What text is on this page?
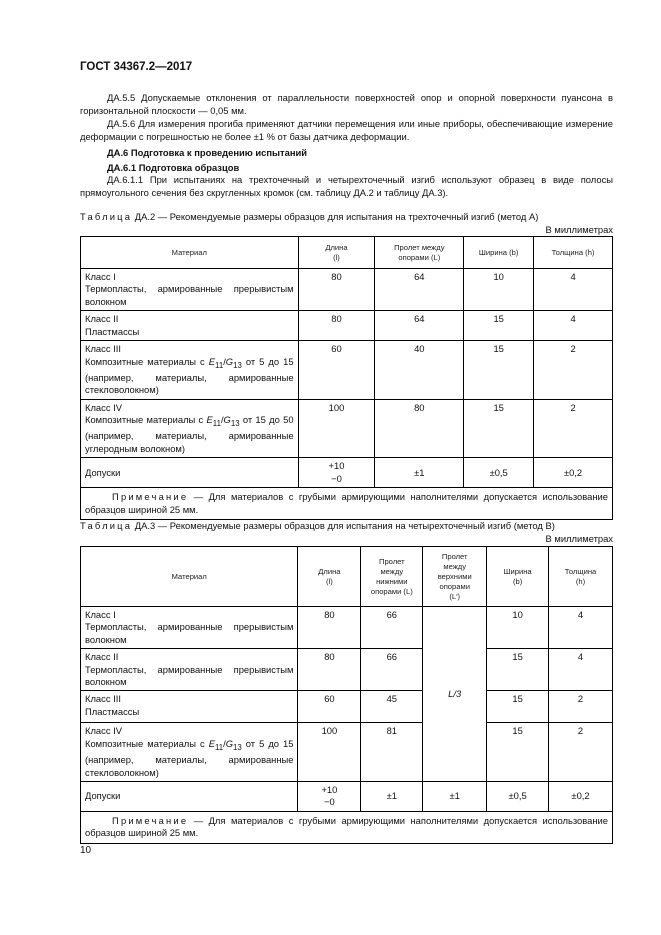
ГОСТ 34367.2—2017
ДА.5.5 Допускаемые отклонения от параллельности поверхностей опор и опорной поверхности пуансона в горизонтальной плоскости — 0,05 мм.
ДА.5.6 Для измерения прогиба применяют датчики перемещения или иные приборы, обеспечивающие измерение деформации с погрешностью не более ±1 % от базы датчика деформации.
ДА.6 Подготовка к проведению испытаний
ДА.6.1 Подготовка образцов
ДА.6.1.1 При испытаниях на трехточечный и четырехточечный изгиб используют образец в виде полосы прямоугольного сечения без скругленных кромок (см. таблицу ДА.2 и таблицу ДА.3).
Таблица ДА.2 — Рекомендуемые размеры образцов для испытания на трехточечный изгиб (метод А)
В миллиметрах
Материал	Длина
(l)	Пролет между
опорами (L)	Ширина (b)	Толщина (h)
Класс I
Термопласты, армированные прерывистым волокном	80	64	10	4
Класс II
Пластмассы	80	64	15	4
Класс III
Композитные материалы с $E_{11}/G_{13}$ от 5 до 15 (например, материалы, армированные стекловолокном)	60	40	15	2
Класс IV
Композитные материалы с $E_{11}/G_{13}$ от 15 до 50 (например, материалы, армированные углеродным волокном)	100	80	15	2
Допуски	+10
−0	±1	±0,5	±0,2
Примечание — Для материалов с грубыми армирующими наполнителями допускается использование образцов шириной 25 мм.				
Таблица ДА.3 — Рекомендуемые размеры образцов для испытания на четырехточечный изгиб (метод В)
В миллиметрах
Материал	Длина
(l)	Пролет
между
нижними
опорами (L)	Пролет
между
верхними
опорами
(L′)	Ширина
(b)	Толщина
(h)
Класс I
Термопласты, армированные прерывистым волокном	80	66	L/3	10	4
Класс II
Термопласты, армированные прерывистым волокном	80	66		15	4
Класс III
Пластмассы	60	45		15	2
Класс IV
Композитные материалы с $E_{11}/G_{13}$ от 5 до 15 (например, материалы, армированные стекловолокном)	100	81		15	2
Допуски	+10
−0	±1	±1	±0,5	±0,2
Примечание — Для материалов с грубыми армирующими наполнителями допускается использование образцов шириной 25 мм.					
10
